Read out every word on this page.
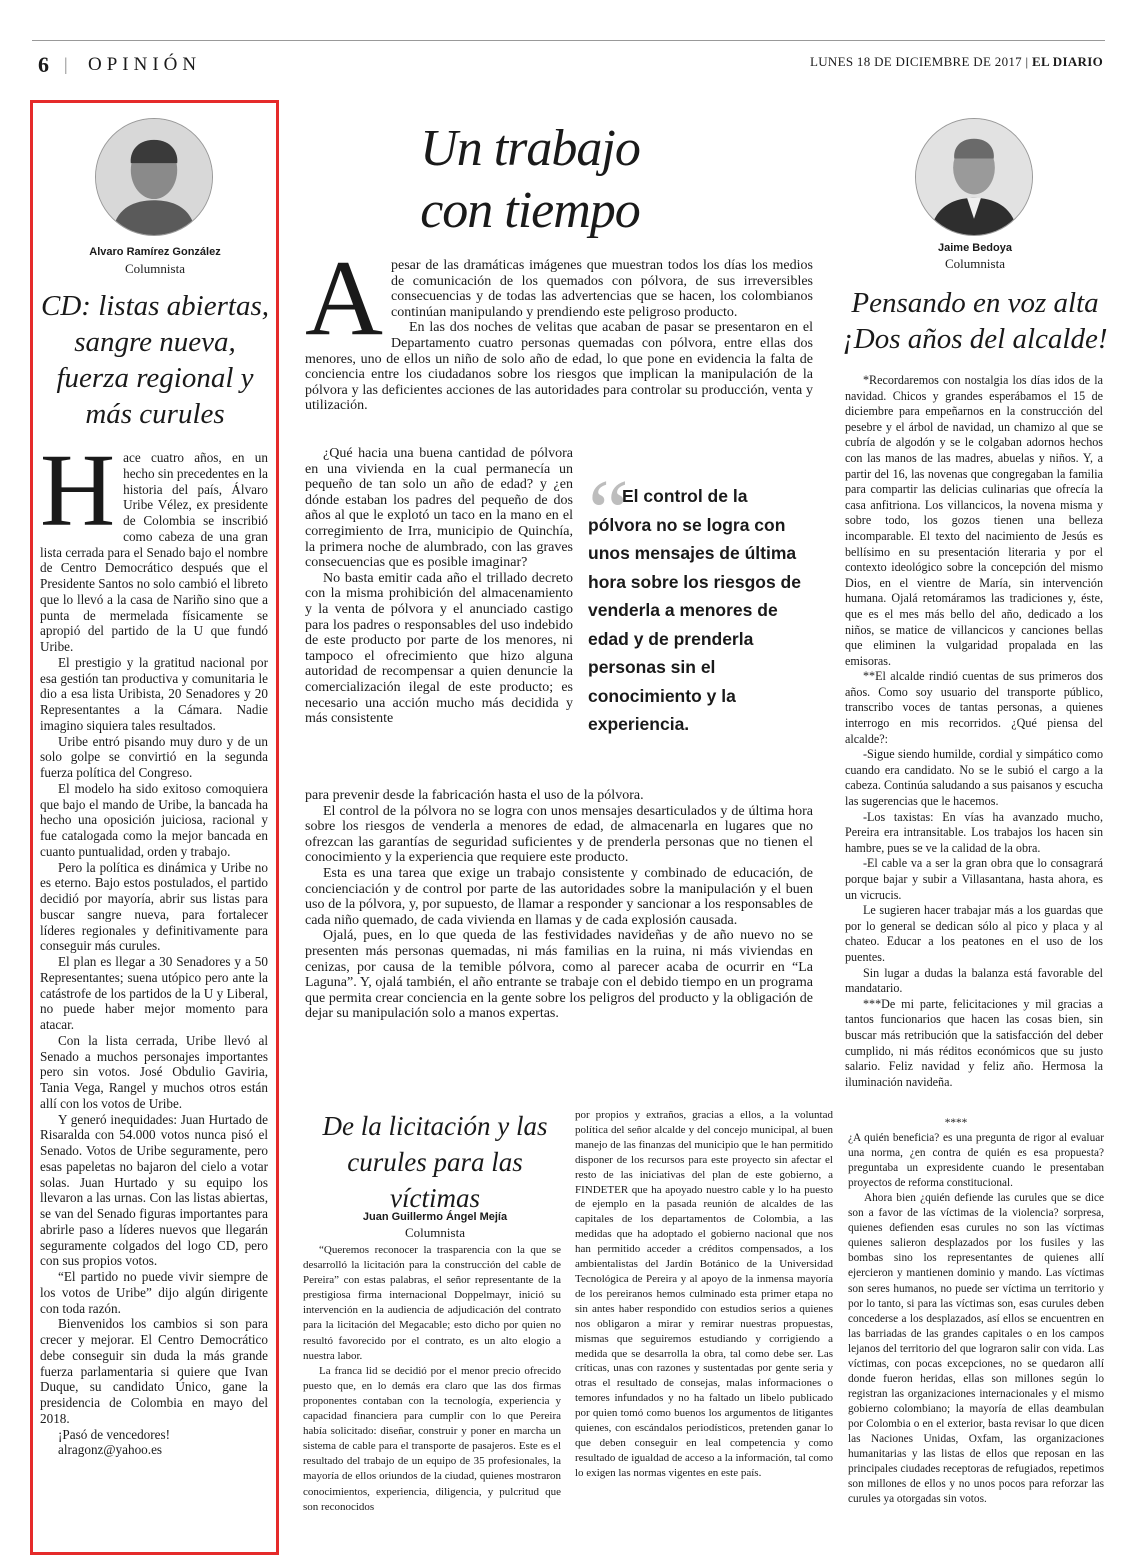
6 | OPINIÓN	LUNES 18 DE DICIEMBRE DE 2017 | EL DIARIO
Alvaro Ramírez González
Columnista
CD: listas abiertas, sangre nueva, fuerza regional y más curules

Hace cuatro años, en un hecho sin precedentes en la historia del país, Álvaro Uribe Vélez, ex presidente de Colombia se inscribió como cabeza de una gran lista cerrada para el Senado bajo el nombre de Centro Democrático después que el Presidente Santos no solo cambió el libreto que lo llevó a la casa de Nariño sino que a punta de mermelada físicamente se apropió del partido de la U que fundó Uribe.

El prestigio y la gratitud nacional por esa gestión tan productiva y comunitaria le dio a esa lista Uribista, 20 Senadores y 20 Representantes a la Cámara. Nadie imagino siquiera tales resultados.

Uribe entró pisando muy duro y de un solo golpe se convirtió en la segunda fuerza política del Congreso.

El modelo ha sido exitoso comoquiera que bajo el mando de Uribe, la bancada ha hecho una oposición juiciosa, racional y fue catalogada como la mejor bancada en cuanto puntualidad, orden y trabajo.

Pero la política es dinámica y Uribe no es eterno. Bajo estos postulados, el partido decidió por mayoría, abrir sus listas para buscar sangre nueva, para fortalecer líderes regionales y definitivamente para conseguir más curules.

El plan es llegar a 30 Senadores y a 50 Representantes; suena utópico pero ante la catástrofe de los partidos de la U y Liberal, no puede haber mejor momento para atacar.

Con la lista cerrada, Uribe llevó al Senado a muchos personajes importantes pero sin votos. José Obdulio Gaviria, Tania Vega, Rangel y muchos otros están allí con los votos de Uribe.

Y generó inequidades: Juan Hurtado de Risaralda con 54.000 votos nunca pisó el Senado. Votos de Uribe seguramente, pero esas papeletas no bajaron del cielo a votar solas. Juan Hurtado y su equipo los llevaron a las urnas. Con las listas abiertas, se van del Senado figuras importantes para abrirle paso a líderes nuevos que llegarán seguramente colgados del logo CD, pero con sus propios votos.

“El partido no puede vivir siempre de los votos de Uribe” dijo algún dirigente con toda razón.

Bienvenidos los cambios si son para crecer y mejorar. El Centro Democrático debe conseguir sin duda la más grande fuerza parlamentaria si quiere que Ivan Duque, su candidato Único, gane la presidencia de Colombia en mayo del 2018.

¡Pasó de vencedores!

alragonz@yahoo.es

Un trabajo
con tiempo

Apesar de las dramáticas imágenes que muestran todos los días los medios de comunicación de los quemados con pólvora, de sus irreversibles consecuencias y de todas las advertencias que se hacen, los colombianos continúan manipulando y prendiendo este peligroso producto.

En las dos noches de velitas que acaban de pasar se presentaron en el Departamento cuatro personas quemadas con pólvora, entre ellas dos menores, uno de ellos un niño de solo año de edad, lo que pone en evidencia la falta de conciencia entre los ciudadanos sobre los riesgos que implican la manipulación de la pólvora y las deficientes acciones de las autoridades para controlar su producción, venta y utilización.

¿Qué hacia una buena cantidad de pólvora en una vivienda en la cual permanecía un pequeño de tan solo un año de edad? y ¿en dónde estaban los padres del pequeño de dos años al que le explotó un taco en la mano en el corregimiento de Irra, municipio de Quinchía, la primera noche de alumbrado, con las graves consecuencias que es posible imaginar?

No basta emitir cada año el trillado decreto con la misma prohibición del almacenamiento y la venta de pólvora y el anunciado castigo para los padres o responsables del uso indebido de este producto por parte de los menores, ni tampoco el ofrecimiento que hizo alguna autoridad de recompensar a quien denuncie la comercialización ilegal de este producto; es necesario una acción mucho más decidida y más consistente

“
El control de la pólvora no se logra con unos mensajes de última hora sobre los riesgos de venderla a menores de edad y de prenderla personas sin el conocimiento y la experiencia.

para prevenir desde la fabricación hasta el uso de la pólvora.

El control de la pólvora no se logra con unos mensajes desarticulados y de última hora sobre los riesgos de venderla a menores de edad, de almacenarla en lugares que no ofrezcan las garantías de seguridad suficientes y de prenderla personas que no tienen el conocimiento y la experiencia que requiere este producto.

Esta es una tarea que exige un trabajo consistente y combinado de educación, de concienciación y de control por parte de las autoridades sobre la manipulación y el buen uso de la pólvora, y, por supuesto, de llamar a responder y sancionar a los responsables de cada niño quemado, de cada vivienda en llamas y de cada explosión causada.

Ojalá, pues, en lo que queda de las festividades navideñas y de año nuevo no se presenten más personas quemadas, ni más familias en la ruina, ni más viviendas en cenizas, por causa de la temible pólvora, como al parecer acaba de ocurrir en “La Laguna”. Y, ojalá también, el año entrante se trabaje con el debido tiempo en un programa que permita crear conciencia en la gente sobre los peligros del producto y la obligación de dejar su manipulación solo a manos expertas.

Jaime Bedoya
Columnista
Pensando en voz alta
¡Dos años del alcalde!

*Recordaremos con nostalgia los días idos de la navidad. Chicos y grandes esperábamos el 15 de diciembre para empeñarnos en la construcción del pesebre y el árbol de navidad, un chamizo al que se cubría de algodón y se le colgaban adornos hechos con las manos de las madres, abuelas y niños. Y, a partir del 16, las novenas que congregaban la familia para compartir las delicias culinarias que ofrecía la casa anfitriona. Los villancicos, la novena misma y sobre todo, los gozos tienen una belleza incomparable. El texto del nacimiento de Jesús es bellísimo en su presentación literaria y por el contexto ideológico sobre la concepción del mismo Dios, en el vientre de María, sin intervención humana. Ojalá retomáramos las tradiciones y, éste, que es el mes más bello del año, dedicado a los niños, se matice de villancicos y canciones bellas que eliminen la vulgaridad propalada en las emisoras.

**El alcalde rindió cuentas de sus primeros dos años. Como soy usuario del transporte público, transcribo voces de tantas personas, a quienes interrogo en mis recorridos. ¿Qué piensa del alcalde?:

-Sigue siendo humilde, cordial y simpático como cuando era candidato. No se le subió el cargo a la cabeza. Continúa saludando a sus paisanos y escucha las sugerencias que le hacemos.

-Los taxistas: En vías ha avanzado mucho, Pereira era intransitable. Los trabajos los hacen sin hambre, pues se ve la calidad de la obra.

-El cable va a ser la gran obra que lo consagrará porque bajar y subir a Villasantana, hasta ahora, es un vicrucis.

Le sugieren hacer trabajar más a los guardas que por lo general se dedican sólo al pico y placa y al chateo. Educar a los peatones en el uso de los puentes.

Sin lugar a dudas la balanza está favorable del mandatario.

***De mi parte, felicitaciones y mil gracias a tantos funcionarios que hacen las cosas bien, sin buscar más retribución que la satisfacción del deber cumplido, ni más réditos económicos que su justo salario. Feliz navidad y feliz año. Hermosa la iluminación navideña.

De la licitación y las curules para las víctimas
Juan Guillermo Ángel Mejía
Columnista

“Queremos reconocer la trasparencia con la que se desarrolló la licitación para la construcción del cable de Pereira” con estas palabras, el señor representante de la prestigiosa firma internacional Doppelmayr, inició su intervención en la audiencia de adjudicación del contrato para la licitación del Megacable; esto dicho por quien no resultó favorecido por el contrato, es un alto elogio a nuestra labor.

La franca lid se decidió por el menor precio ofrecido puesto que, en lo demás era claro que las dos firmas proponentes contaban con la tecnología, experiencia y capacidad financiera para cumplir con lo que Pereira había solicitado: diseñar, construir y poner en marcha un sistema de cable para el transporte de pasajeros. Este es el resultado del trabajo de un equipo de 35 profesionales, la mayoría de ellos oriundos de la ciudad, quienes mostraron conocimientos, experiencia, diligencia, y pulcritud que son reconocidos

por propios y extraños, gracias a ellos, a la voluntad política del señor alcalde y del concejo municipal, al buen manejo de las finanzas del municipio que le han permitido disponer de los recursos para este proyecto sin afectar el resto de las iniciativas del plan de este gobierno, a FINDETER que ha apoyado nuestro cable y lo ha puesto de ejemplo en la pasada reunión de alcaldes de las capitales de los departamentos de Colombia, a las medidas que ha adoptado el gobierno nacional que nos han permitido acceder a créditos compensados, a los ambientalistas del Jardín Botánico de la Universidad Tecnológica de Pereira y al apoyo de la inmensa mayoría de los pereiranos hemos culminado esta primer etapa no sin antes haber respondido con estudios serios a quienes nos obligaron a mirar y remirar nuestras propuestas, mismas que seguiremos estudiando y corrigiendo a medida que se desarrolla la obra, tal como debe ser. Las críticas, unas con razones y sustentadas por gente seria y otras el resultado de consejas, malas informaciones o temores infundados y no ha faltado un libelo publicado por quien tomó como buenos los argumentos de litigantes quienes, con escándalos periodísticos, pretenden ganar lo que deben conseguir en leal competencia y como resultado de igualdad de acceso a la información, tal como lo exigen las normas vigentes en este país.

****

¿A quién beneficia? es una pregunta de rigor al evaluar una norma, ¿en contra de quién es esa propuesta? preguntaba un expresidente cuando le presentaban proyectos de reforma constitucional.

Ahora bien ¿quién defiende las curules que se dice son a favor de las víctimas de la violencia? sorpresa, quienes defienden esas curules no son las víctimas quienes salieron desplazados por los fusiles y las bombas sino los representantes de quienes allí ejercieron y mantienen dominio y mando. Las víctimas son seres humanos, no puede ser víctima un territorio y por lo tanto, si para las víctimas son, esas curules deben concederse a los desplazados, así ellos se encuentren en las barriadas de las grandes capitales o en los campos lejanos del territorio del que lograron salir con vida. Las víctimas, con pocas excepciones, no se quedaron allí donde fueron heridas, ellas son millones según lo registran las organizaciones internacionales y el mismo gobierno colombiano; la mayoría de ellas deambulan por Colombia o en el exterior, basta revisar lo que dicen las Naciones Unidas, Oxfam, las organizaciones humanitarias y las listas de ellos que reposan en las principales ciudades receptoras de refugiados, repetimos son millones de ellos y no unos pocos para reforzar las curules ya otorgadas sin votos.
